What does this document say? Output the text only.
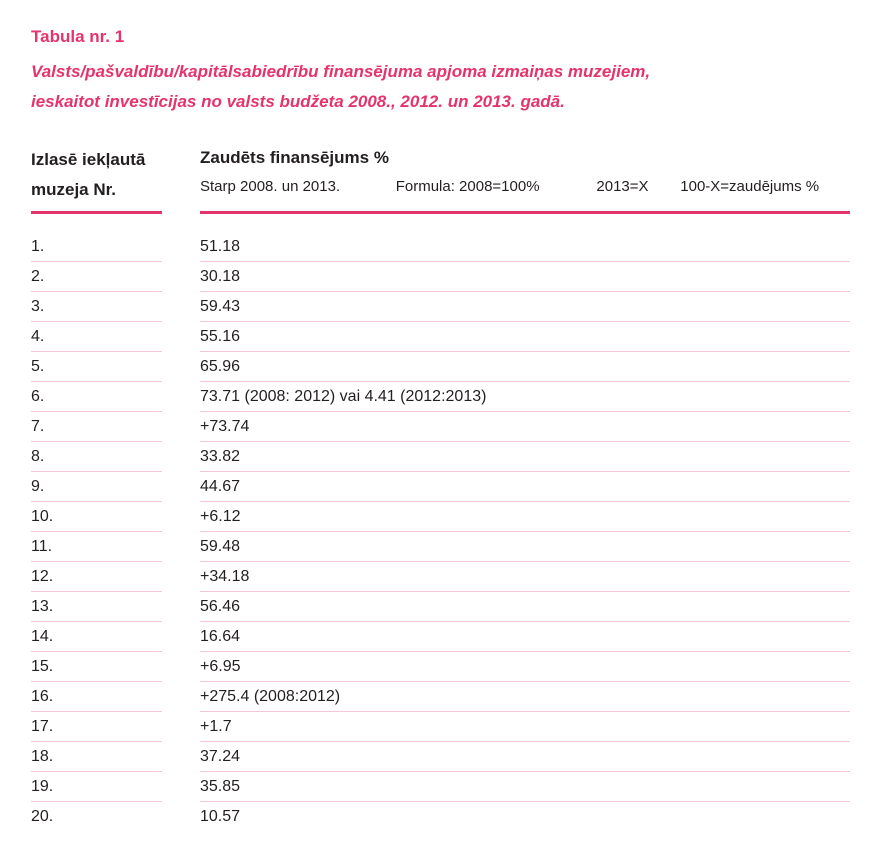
Tabula nr. 1

Valsts/pašvaldību/kapitālsabiedrību finansējuma apjoma izmaiņas muzejiem,
ieskaitot investīcijas no valsts budžeta 2008., 2012. un 2013. gadā.

Izlasē iekļautā
muzeja Nr.
Zaudēts finansējums %
Starp 2008. un 2013.	Formula: 2008=100%	2013=X	100-X=zaudējums %
1.	51.18
2.	30.18
3.	59.43
4.	55.16
5.	65.96
6.	73.71 (2008: 2012) vai 4.41 (2012:2013)
7.	+73.74
8.	33.82
9.	44.67
10.	+6.12
11.	59.48
12.	+34.18
13.	56.46
14.	16.64
15.	+6.95
16.	+275.4 (2008:2012)
17.	+1.7
18.	37.24
19.	35.85
20.	10.57
